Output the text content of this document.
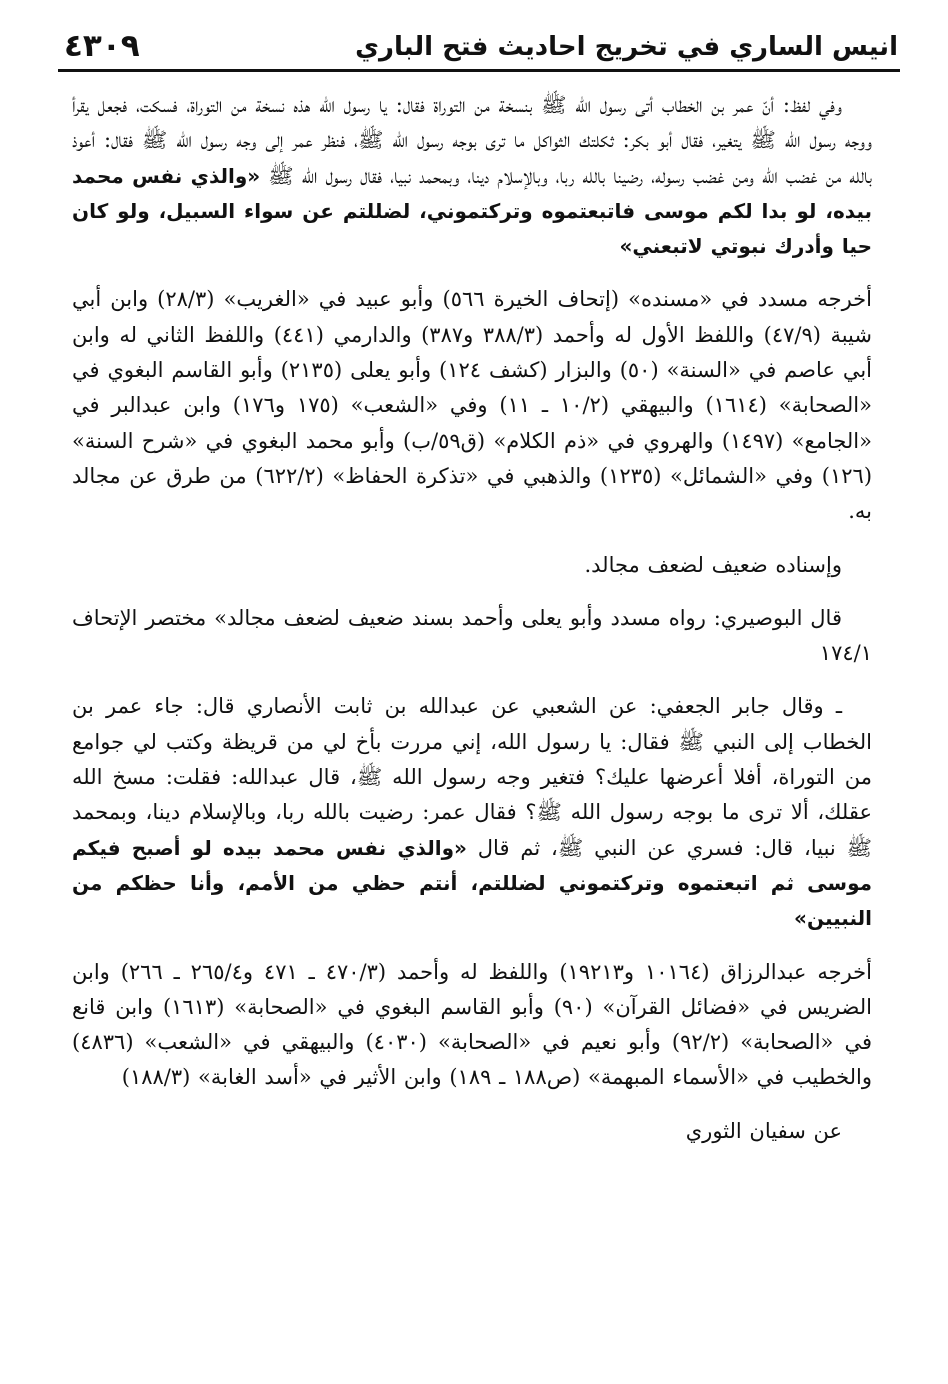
انيس الساري في تخريج احاديث فتح الباري
٤٣٠٩

وفي لفظ: أنّ عمر بن الخطاب أتى رسول الله ﷺ بنسخة من التوراة فقال: يا رسول الله هذه نسخة من التوراة، فسكت، فجعل يقرأ ووجه رسول الله ﷺ يتغير، فقال أبو بكر: ثكلتك الثواكل ما ترى بوجه رسول الله ﷺ، فنظر عمر إلى وجه رسول الله ﷺ فقال: أعوذ بالله من غضب الله ومن غضب رسوله، رضينا بالله ربا، وبالإسلام دينا، وبمحمد نبيا، فقال رسول الله ﷺ «والذي نفس محمد بيده، لو بدا لكم موسى فاتبعتموه وتركتموني، لضللتم عن سواء السبيل، ولو كان حيا وأدرك نبوتي لاتبعني»

أخرجه مسدد في «مسنده» (إتحاف الخيرة ٥٦٦) وأبو عبيد في «الغريب» (٢٨/٣) وابن أبي شيبة (٤٧/٩) واللفظ الأول له وأحمد (٣٨٨/٣ و٣٨٧) والدارمي (٤٤١) واللفظ الثاني له وابن أبي عاصم في «السنة» (٥٠) والبزار (كشف ١٢٤) وأبو يعلى (٢١٣٥) وأبو القاسم البغوي في «الصحابة» (١٦١٤) والبيهقي (١٠/٢ ـ ١١) وفي «الشعب» (١٧٥ و١٧٦) وابن عبدالبر في «الجامع» (١٤٩٧) والهروي في «ذم الكلام» (ق٥٩/ب) وأبو محمد البغوي في «شرح السنة» (١٢٦) وفي «الشمائل» (١٢٣٥) والذهبي في «تذكرة الحفاظ» (٦٢٢/٢) من طرق عن مجالد به.

وإسناده ضعيف لضعف مجالد.

قال البوصيري: رواه مسدد وأبو يعلى وأحمد بسند ضعيف لضعف مجالد» مختصر الإتحاف ١٧٤/١

ـ وقال جابر الجعفي: عن الشعبي عن عبدالله بن ثابت الأنصاري قال: جاء عمر بن الخطاب إلى النبي ﷺ فقال: يا رسول الله، إني مررت بأخ لي من قريظة وكتب لي جوامع من التوراة، أفلا أعرضها عليك؟ فتغير وجه رسول الله ﷺ، قال عبدالله: فقلت: مسخ الله عقلك، ألا ترى ما بوجه رسول الله ﷺ؟ فقال عمر: رضيت بالله ربا، وبالإسلام دينا، وبمحمد ﷺ نبيا، قال: فسري عن النبي ﷺ، ثم قال «والذي نفس محمد بيده لو أصبح فيكم موسى ثم اتبعتموه وتركتموني لضللتم، أنتم حظي من الأمم، وأنا حظكم من النبيين»

أخرجه عبدالرزاق (١٠١٦٤ و١٩٢١٣) واللفظ له وأحمد (٤٧٠/٣ ـ ٤٧١ و٢٦٥/٤ ـ ٢٦٦) وابن الضريس في «فضائل القرآن» (٩٠) وأبو القاسم البغوي في «الصحابة» (١٦١٣) وابن قانع في «الصحابة» (٩٢/٢) وأبو نعيم في «الصحابة» (٤٠٣٠) والبيهقي في «الشعب» (٤٨٣٦) والخطيب في «الأسماء المبهمة» (ص١٨٨ ـ ١٨٩) وابن الأثير في «أسد الغابة» (١٨٨/٣)

عن سفيان الثوري
